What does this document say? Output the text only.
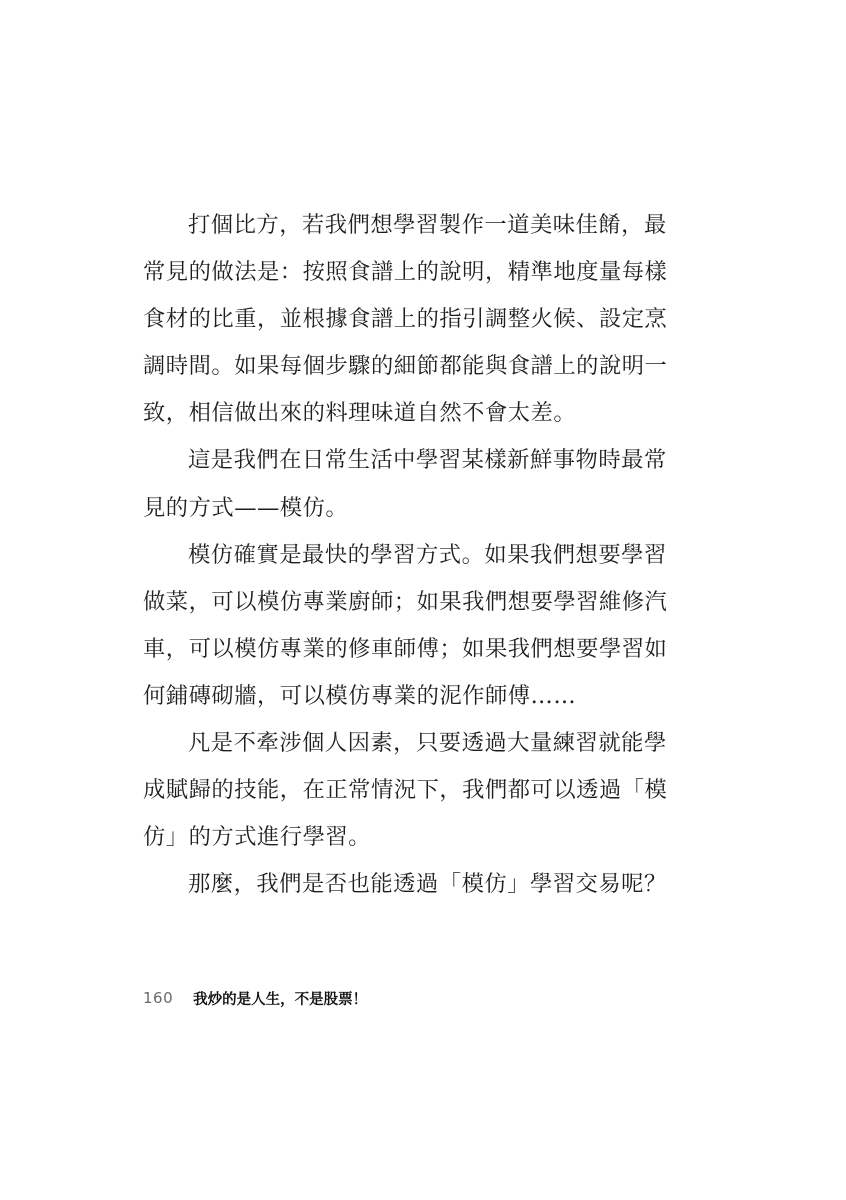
打個比方，若我們想學習製作一道美味佳餚，最
常見的做法是：按照食譜上的說明，精準地度量每樣
食材的比重，並根據食譜上的指引調整火候、設定烹
調時間。如果每個步驟的細節都能與食譜上的說明一
致，相信做出來的料理味道自然不會太差。
這是我們在日常生活中學習某樣新鮮事物時最常
見的方式——模仿。
模仿確實是最快的學習方式。如果我們想要學習
做菜，可以模仿專業廚師；如果我們想要學習維修汽
車，可以模仿專業的修車師傅；如果我們想要學習如
何鋪磚砌牆，可以模仿專業的泥作師傅……
凡是不牽涉個人因素，只要透過大量練習就能學
成賦歸的技能，在正常情況下，我們都可以透過「模
仿」的方式進行學習。
那麼，我們是否也能透過「模仿」學習交易呢？
160 我炒的是人生，不是股票！
